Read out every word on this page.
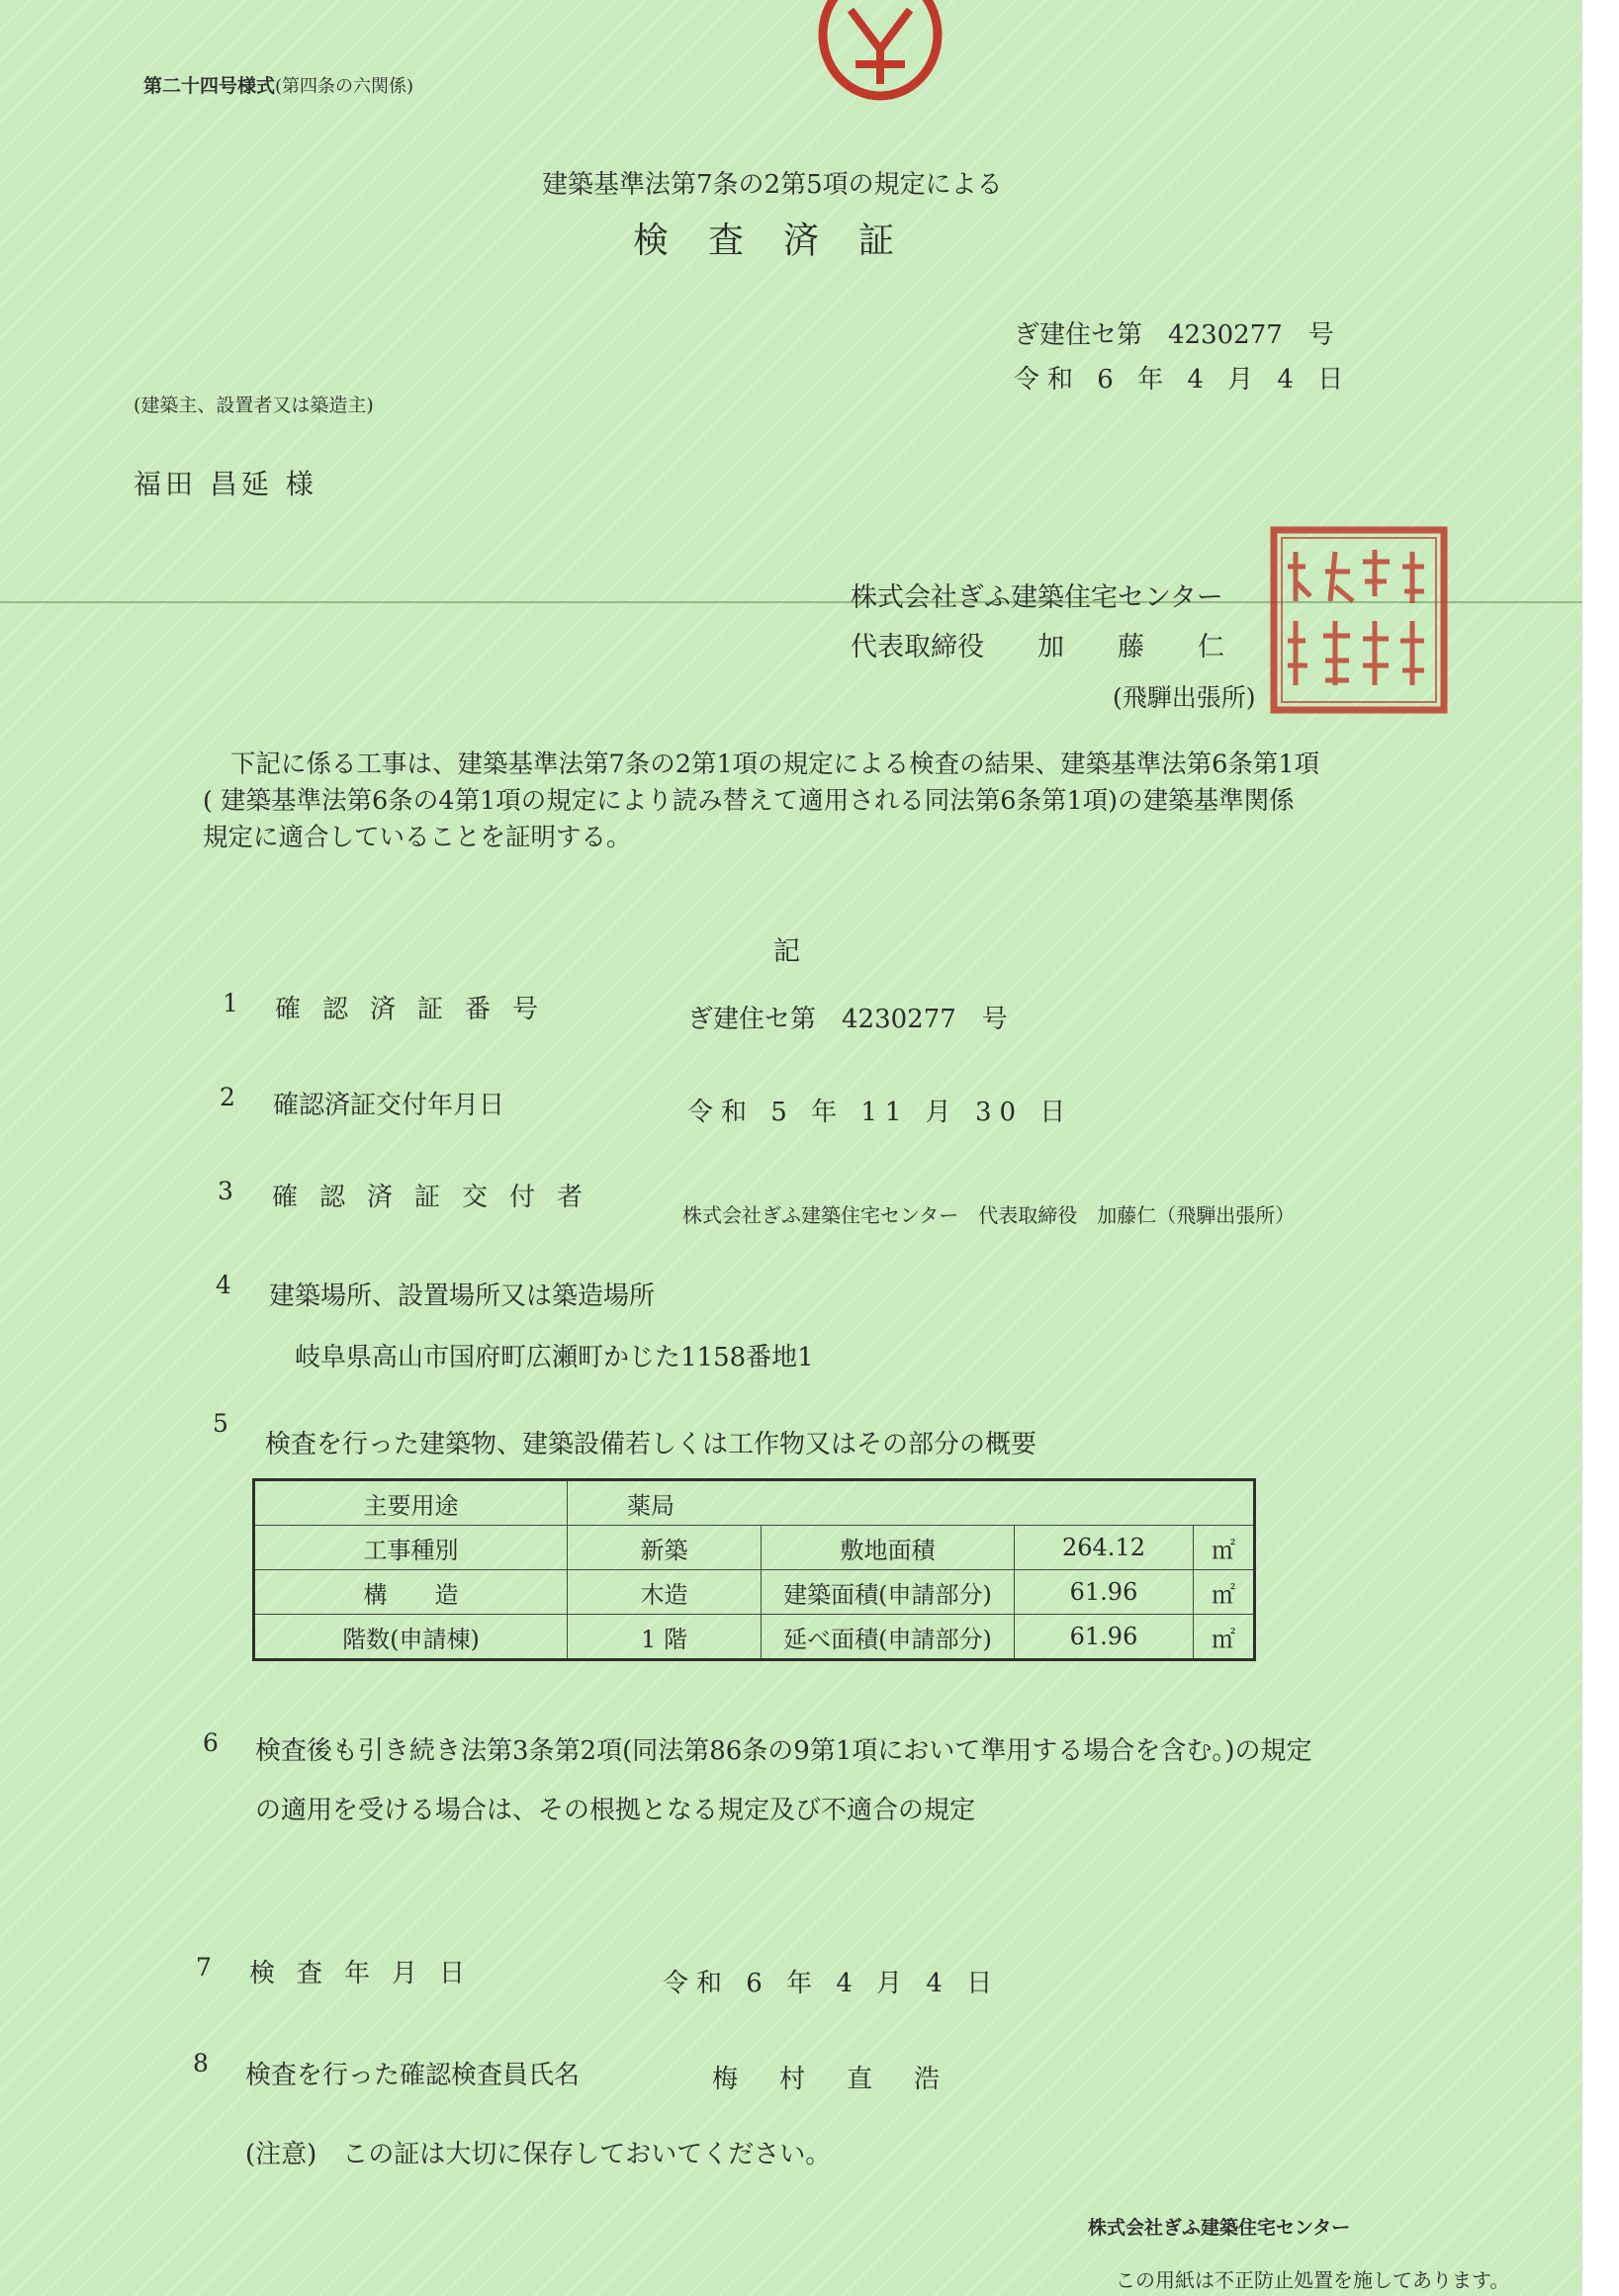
第二十四号様式(第四条の六関係)
建築基準法第7条の2第5項の規定による
検査済証
ぎ建住セ第　4230277　号
令和 6 年 4 月 4 日
(建築主、設置者又は築造主)
福田 昌延 様
株式会社ぎふ建築住宅センター
代表取締役　　加　　藤　　仁
(飛騨出張所)

下記に係る工事は、建築基準法第7条の2第1項の規定による検査の結果、建築基準法第6条第1項

( 建築基準法第6条の4第1項の規定により読み替えて適用される同法第6条第1項)の建築基準関係

規定に適合していることを証明する。

記
1 確認済証番号	ぎ建住セ第　4230277　号
2 確認済証交付年月日	令和 5 年 11 月 30 日
3 確認済証交付者
株式会社ぎふ建築住宅センター　代表取締役　加藤仁（飛騨出張所）
4 建築場所、設置場所又は築造場所
岐阜県高山市国府町広瀬町かじた1158番地1
5
検査を行った建築物、建築設備若しくは工作物又はその部分の概要
主要用途	薬局			
工事種別	新築	敷地面積	264.12	㎡
構　　造	木造	建築面積(申請部分)	61.96	㎡
階数(申請棟)	1 階	延べ面積(申請部分)	61.96	㎡
6 検査後も引き続き法第3条第2項(同法第86条の9第1項において準用する場合を含む。)の規定
の適用を受ける場合は、その根拠となる規定及び不適合の規定
7 検査年月日	令和 6 年 4 月 4 日
8 検査を行った確認検査員氏名	梅　村　直　浩
(注意)　この証は大切に保存しておいてください。
株式会社ぎふ建築住宅センター
この用紙は不正防止処置を施してあります。
